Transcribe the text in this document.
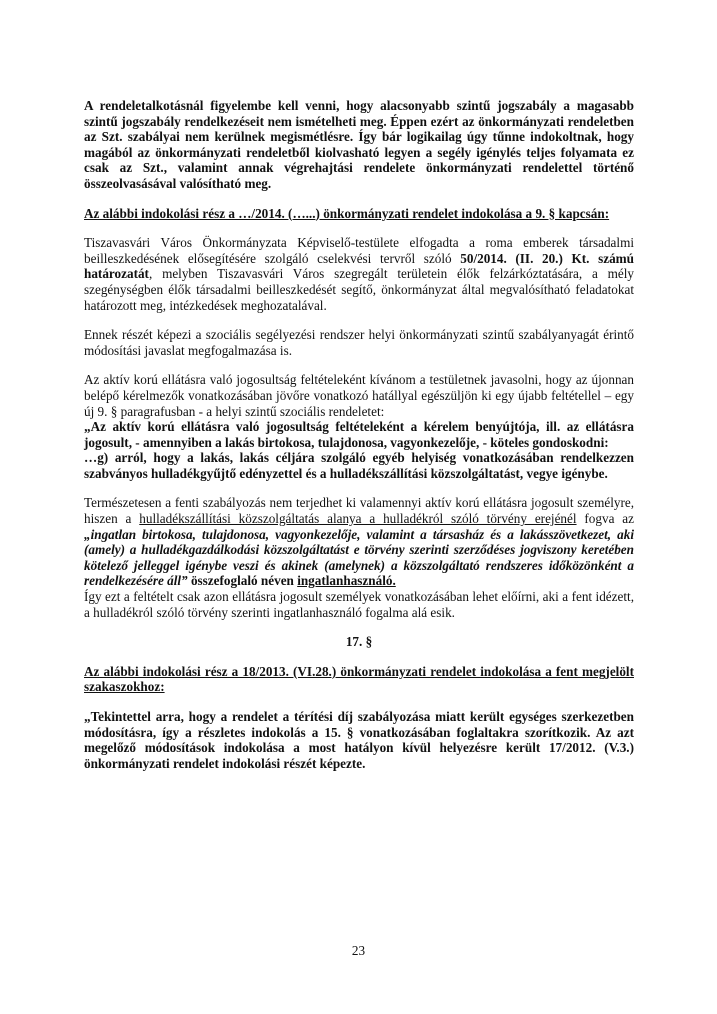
A rendeletalkotásnál figyelembe kell venni, hogy alacsonyabb szintű jogszabály a magasabb szintű jogszabály rendelkezéseit nem ismételheti meg. Éppen ezért az önkormányzati rendeletben az Szt. szabályai nem kerülnek megismétlésre. Így bár logikailag úgy tűnne indokoltnak, hogy magából az önkormányzati rendeletből kiolvasható legyen a segély igénylés teljes folyamata ez csak az Szt., valamint annak végrehajtási rendelete önkormányzati rendelettel történő összeolvasásával valósítható meg.

Az alábbi indokolási rész a …/2014. (…...) önkormányzati rendelet indokolása a 9. § kapcsán:

Tiszavasvári Város Önkormányzata Képviselő-testülete elfogadta a roma emberek társadalmi beilleszkedésének elősegítésére szolgáló cselekvési tervről szóló 50/2014. (II. 20.) Kt. számú határozatát, melyben Tiszavasvári Város szegregált területein élők felzárkóztatására, a mély szegénységben élők társadalmi beilleszkedését segítő, önkormányzat által megvalósítható feladatokat határozott meg, intézkedések meghozatalával.

Ennek részét képezi a szociális segélyezési rendszer helyi önkormányzati szintű szabályanyagát érintő módosítási javaslat megfogalmazása is.

Az aktív korú ellátásra való jogosultság feltételeként kívánom a testületnek javasolni, hogy az újonnan belépő kérelmezők vonatkozásában jövőre vonatkozó hatállyal egészüljön ki egy újabb feltétellel – egy új 9. § paragrafusban - a helyi szintű szociális rendeletet:

„Az aktív korú ellátásra való jogosultság feltételeként a kérelem benyújtója, ill. az ellátásra jogosult, - amennyiben a lakás birtokosa, tulajdonosa, vagyonkezelője, - köteles gondoskodni:

…g) arról, hogy a lakás, lakás céljára szolgáló egyéb helyiség vonatkozásában rendelkezzen szabványos hulladékgyűjtő edényzettel és a hulladékszállítási közszolgáltatást, vegye igénybe.

Természetesen a fenti szabályozás nem terjedhet ki valamennyi aktív korú ellátásra jogosult személyre, hiszen a hulladékszállítási közszolgáltatás alanya a hulladékról szóló törvény erejénél fogva az „ingatlan birtokosa, tulajdonosa, vagyonkezelője, valamint a társasház és a lakásszövetkezet, aki (amely) a hulladékgazdálkodási közszolgáltatást e törvény szerinti szerződéses jogviszony keretében kötelező jelleggel igénybe veszi és akinek (amelynek) a közszolgáltató rendszeres időközönként a rendelkezésére áll” összefoglaló néven ingatlanhasználó.

Így ezt a feltételt csak azon ellátásra jogosult személyek vonatkozásában lehet előírni, aki a fent idézett, a hulladékról szóló törvény szerinti ingatlanhasználó fogalma alá esik.

17. §

Az alábbi indokolási rész a 18/2013. (VI.28.) önkormányzati rendelet indokolása a fent megjelölt szakaszokhoz:

„Tekintettel arra, hogy a rendelet a térítési díj szabályozása miatt került egységes szerkezetben módosításra, így a részletes indokolás a 15. § vonatkozásában foglaltakra szorítkozik. Az azt megelőző módosítások indokolása a most hatályon kívül helyezésre került 17/2012. (V.3.) önkormányzati rendelet indokolási részét képezte.

23
